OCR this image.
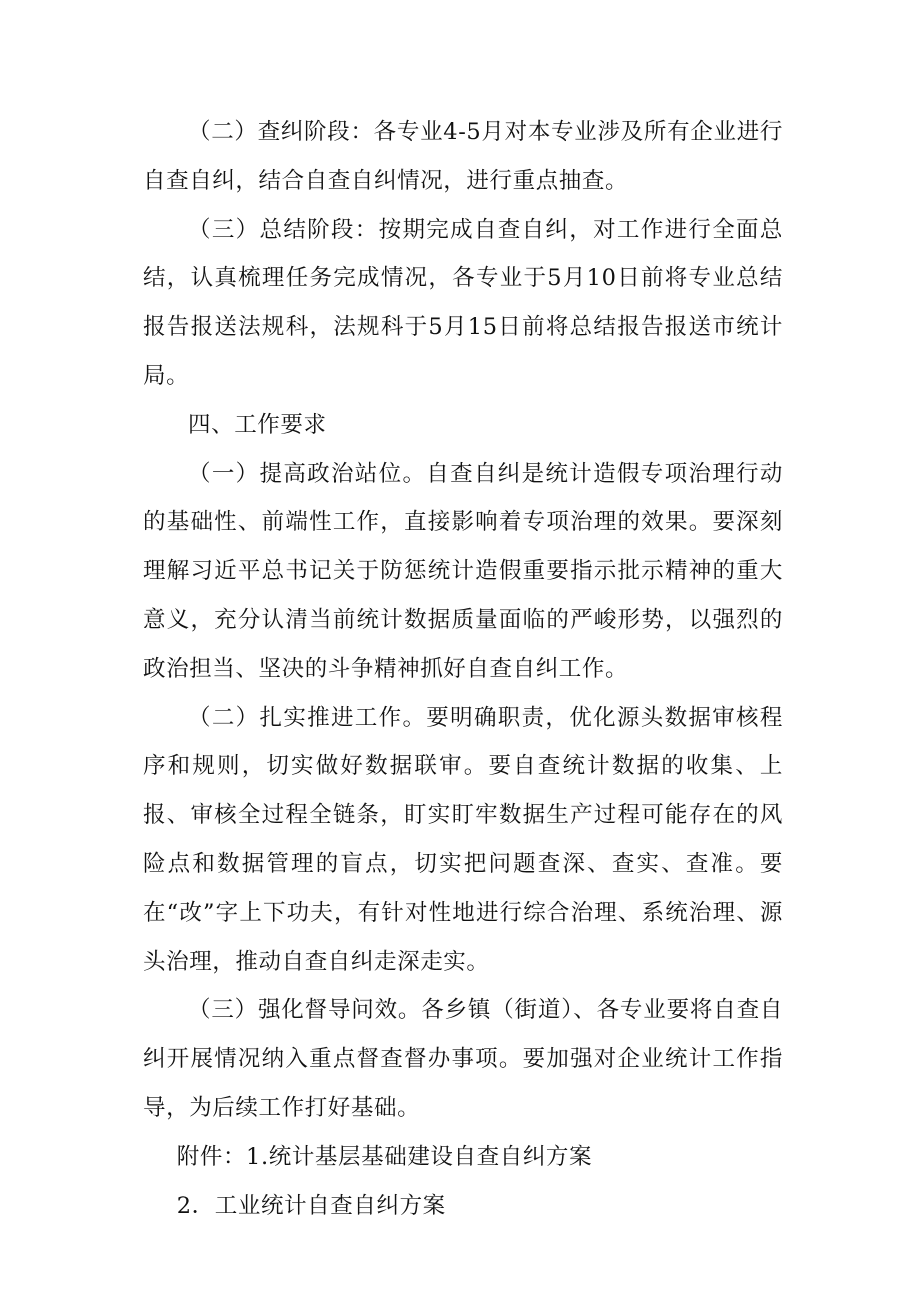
（二）查纠阶段：各专业4-5月对本专业涉及所有企业进行自查自纠，结合自查自纠情况，进行重点抽查。

（三）总结阶段：按期完成自查自纠，对工作进行全面总结，认真梳理任务完成情况，各专业于5月10日前将专业总结报告报送法规科，法规科于5月15日前将总结报告报送市统计局。

四、工作要求

（一）提高政治站位。自查自纠是统计造假专项治理行动的基础性、前端性工作，直接影响着专项治理的效果。要深刻理解习近平总书记关于防惩统计造假重要指示批示精神的重大意义，充分认清当前统计数据质量面临的严峻形势，以强烈的政治担当、坚决的斗争精神抓好自查自纠工作。

（二）扎实推进工作。要明确职责，优化源头数据审核程序和规则，切实做好数据联审。要自查统计数据的收集、上报、审核全过程全链条，盯实盯牢数据生产过程可能存在的风险点和数据管理的盲点，切实把问题查深、查实、查准。要在“改”字上下功夫，有针对性地进行综合治理、系统治理、源头治理，推动自查自纠走深走实。

（三）强化督导问效。各乡镇（街道）、各专业要将自查自纠开展情况纳入重点督查督办事项。要加强对企业统计工作指导，为后续工作打好基础。

附件：1.统计基层基础建设自查自纠方案

2．工业统计自查自纠方案
